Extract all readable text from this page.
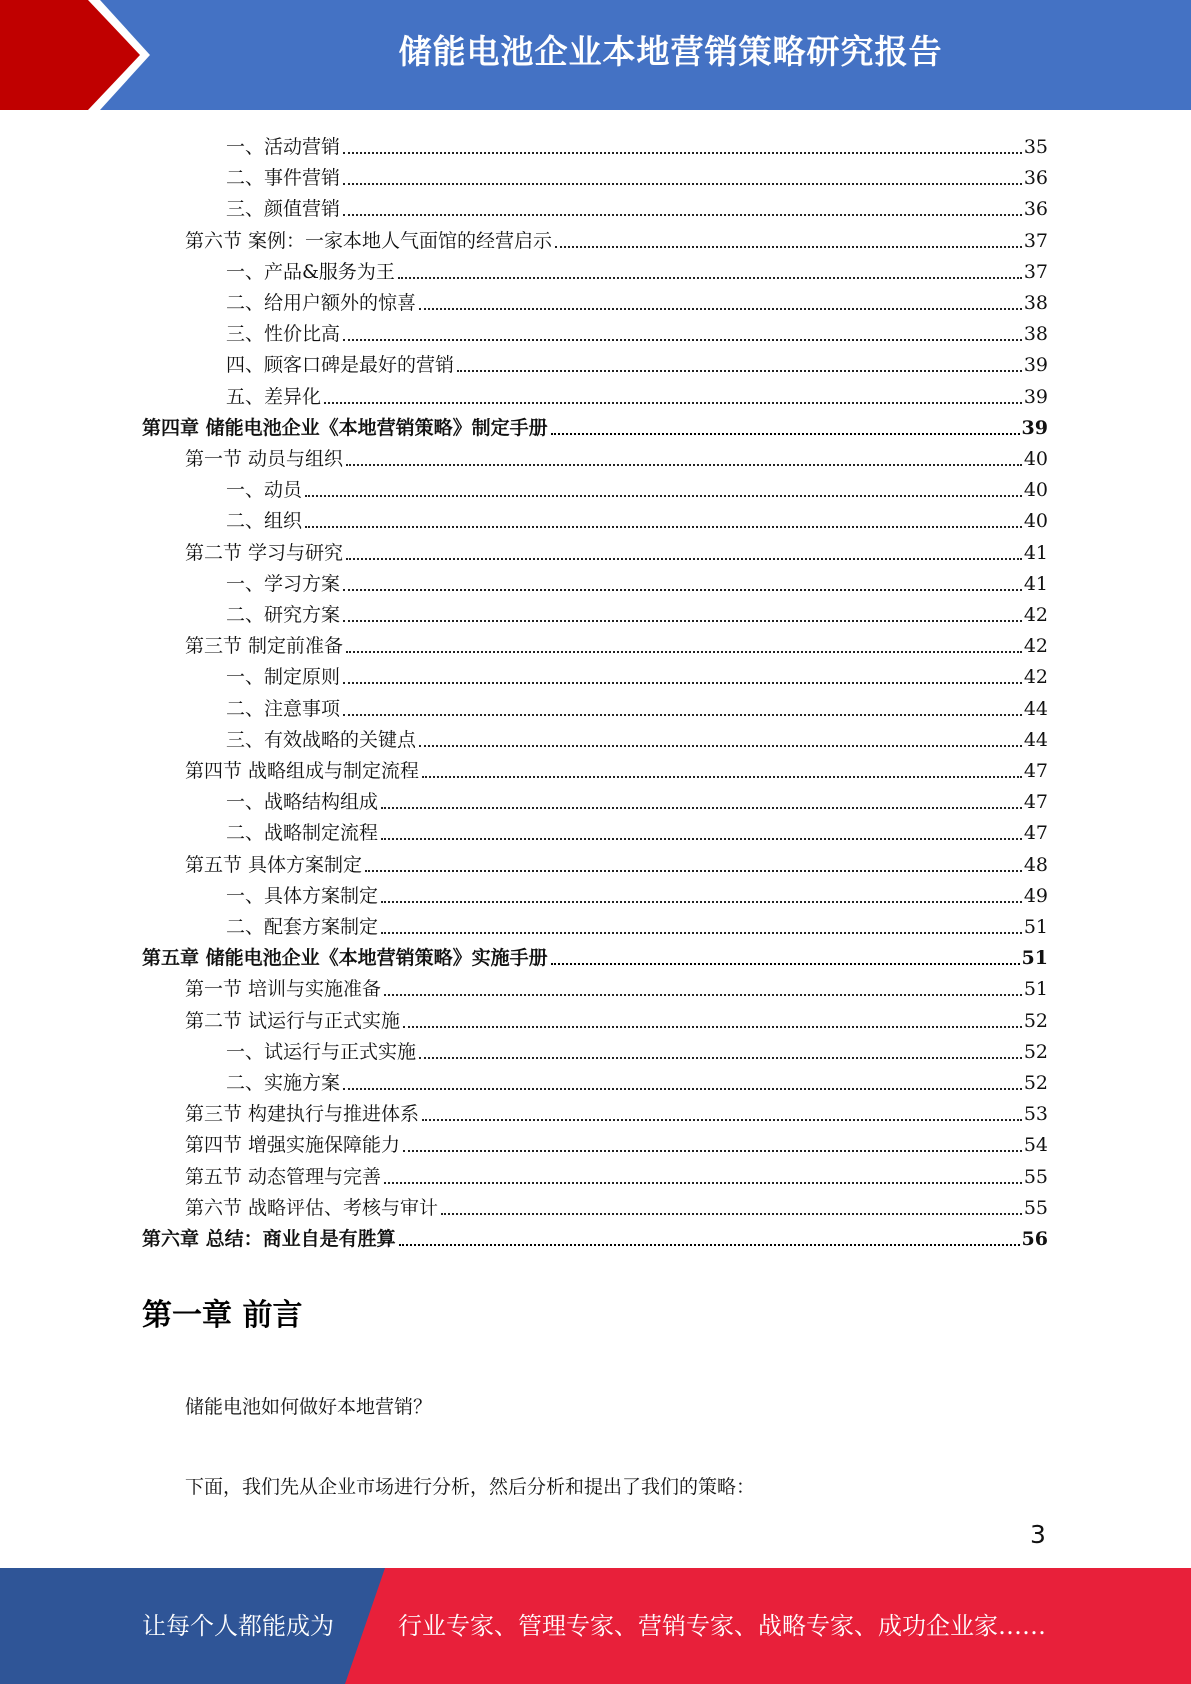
储能电池企业本地营销策略研究报告
一、活动营销	35
二、事件营销	36
三、颜值营销	36
第六节 案例：一家本地人气面馆的经营启示	37
一、产品&服务为王	37
二、给用户额外的惊喜	38
三、性价比高	38
四、顾客口碑是最好的营销	39
五、差异化	39
第四章 储能电池企业《本地营销策略》制定手册	39
第一节 动员与组织	40
一、动员	40
二、组织	40
第二节 学习与研究	41
一、学习方案	41
二、研究方案	42
第三节 制定前准备	42
一、制定原则	42
二、注意事项	44
三、有效战略的关键点	44
第四节 战略组成与制定流程	47
一、战略结构组成	47
二、战略制定流程	47
第五节 具体方案制定	48
一、具体方案制定	49
二、配套方案制定	51
第五章 储能电池企业《本地营销策略》实施手册	51
第一节 培训与实施准备	51
第二节 试运行与正式实施	52
一、试运行与正式实施	52
二、实施方案	52
第三节 构建执行与推进体系	53
第四节 增强实施保障能力	54
第五节 动态管理与完善	55
第六节 战略评估、考核与审计	55
第六章 总结：商业自是有胜算	56
第一章 前言
储能电池如何做好本地营销？
下面，我们先从企业市场进行分析，然后分析和提出了我们的策略：
3
让每个人都能成为	行业专家、管理专家、营销专家、战略专家、成功企业家……
